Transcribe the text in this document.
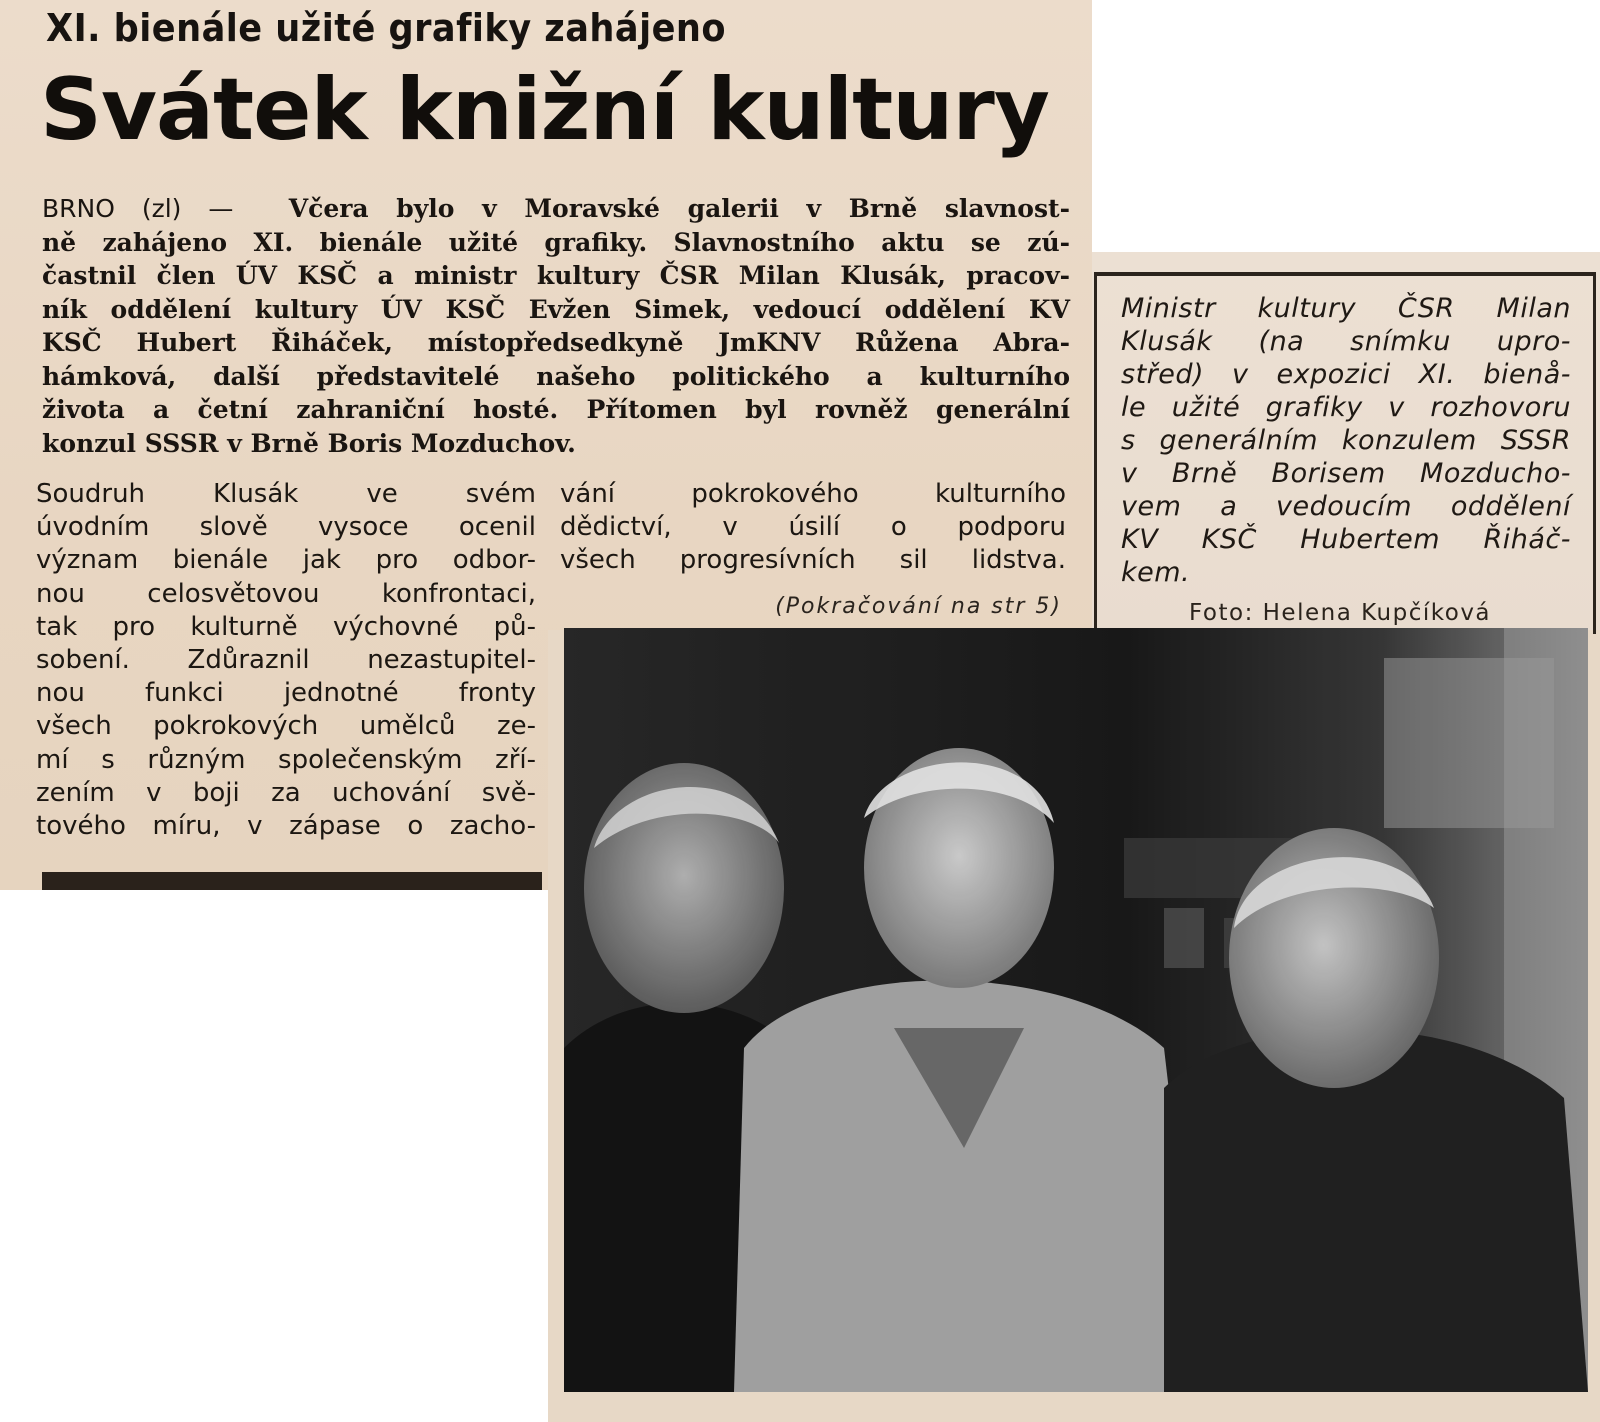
XI. bienále užité grafiky zahájeno
Svátek knižní kultury
BRNO (zl) — Včera bylo v Moravské galerii v Brně slavnost-
ně zahájeno XI. bienále užité grafiky. Slavnostního aktu se zú-
častnil člen ÚV KSČ a ministr kultury ČSR Milan Klusák, pracov-
ník oddělení kultury ÚV KSČ Evžen Simek, vedoucí oddělení KV
KSČ Hubert Řiháček, místopředsedkyně JmKNV Růžena Abra-
hámková, další představitelé našeho politického a kulturního
života a četní zahraniční hosté. Přítomen byl rovněž generální
konzul SSSR v Brně Boris Mozduchov.
Soudruh Klusák ve svém
úvodním slově vysoce ocenil
význam bienále jak pro odbor-
nou celosvětovou konfrontaci,
tak pro kulturně výchovné pů-
sobení. Zdůraznil nezastupitel-
nou funkci jednotné fronty
všech pokrokových umělců ze-
mí s různým společenským zří-
zením v boji za uchování svě-
tového míru, v zápase o zacho-
vání pokrokového kulturního
dědictví, v úsilí o podporu
všech progresívních sil lidstva.
(Pokračování na str 5)
Ministr kultury ČSR Milan
Klusák (na snímku upro-
střed) v expozici XI. bienå-
le užité grafiky v rozhovoru
s generálním konzulem SSSR
v Brně Borisem Mozducho-
vem a vedoucím oddělení
KV KSČ Hubertem Řiháč-
kem.
Foto: Helena Kupčíková
